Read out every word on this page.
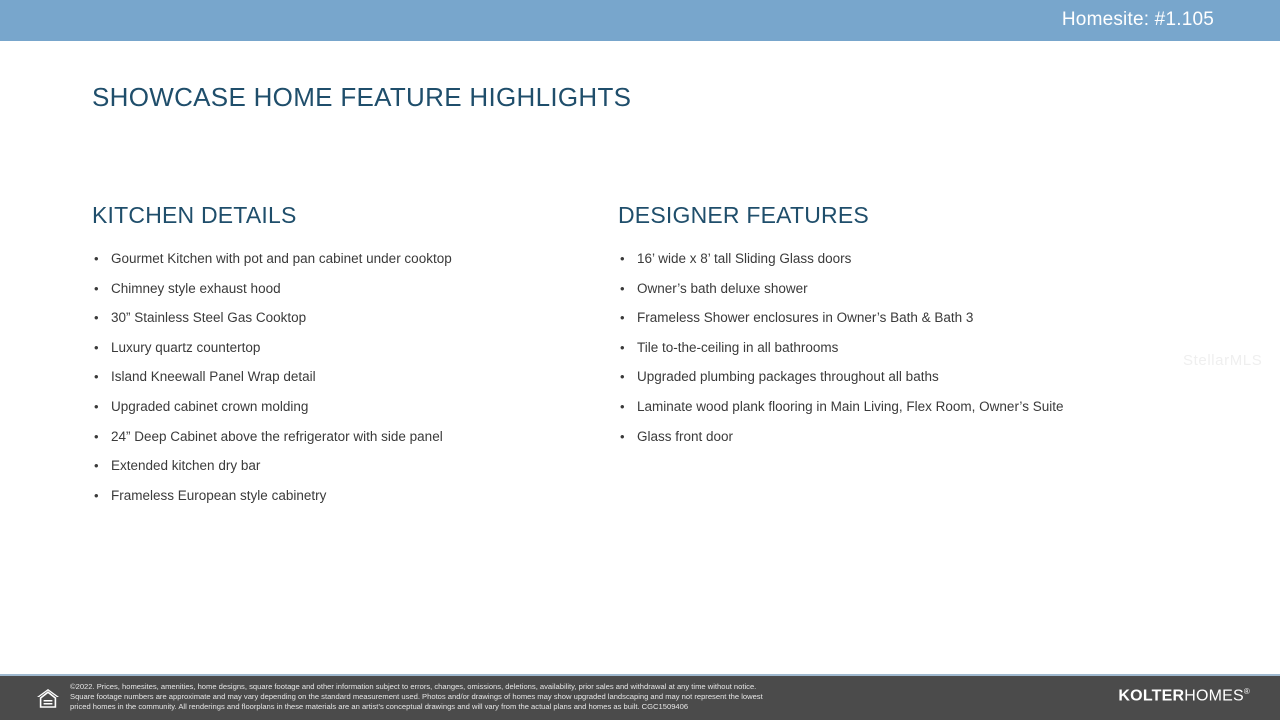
Homesite: #1.105
SHOWCASE HOME FEATURE HIGHLIGHTS
KITCHEN DETAILS
• Gourmet Kitchen with pot and pan cabinet under cooktop
• Chimney style exhaust hood
• 30” Stainless Steel Gas Cooktop
• Luxury quartz countertop
• Island Kneewall Panel Wrap detail
• Upgraded cabinet crown molding
• 24” Deep Cabinet above the refrigerator with side panel
• Extended kitchen dry bar
• Frameless European style cabinetry
DESIGNER FEATURES
• 16’ wide x 8’ tall Sliding Glass doors
• Owner’s bath deluxe shower
• Frameless Shower enclosures in Owner’s Bath & Bath 3
• Tile to-the-ceiling in all bathrooms
• Upgraded plumbing packages throughout all baths
• Laminate wood plank flooring in Main Living, Flex Room, Owner’s Suite
• Glass front door
StellarMLS
©2022. Prices, homesites, amenities, home designs, square footage and other information subject to errors, changes, omissions, deletions, availability, prior sales and withdrawal at any time without notice.
Square footage numbers are approximate and may vary depending on the standard measurement used. Photos and/or drawings of homes may show upgraded landscaping and may not represent the lowest
priced homes in the community. All renderings and floorplans in these materials are an artist’s conceptual drawings and will vary from the actual plans and homes as built. CGC1509406
KOLTERHOMES®
